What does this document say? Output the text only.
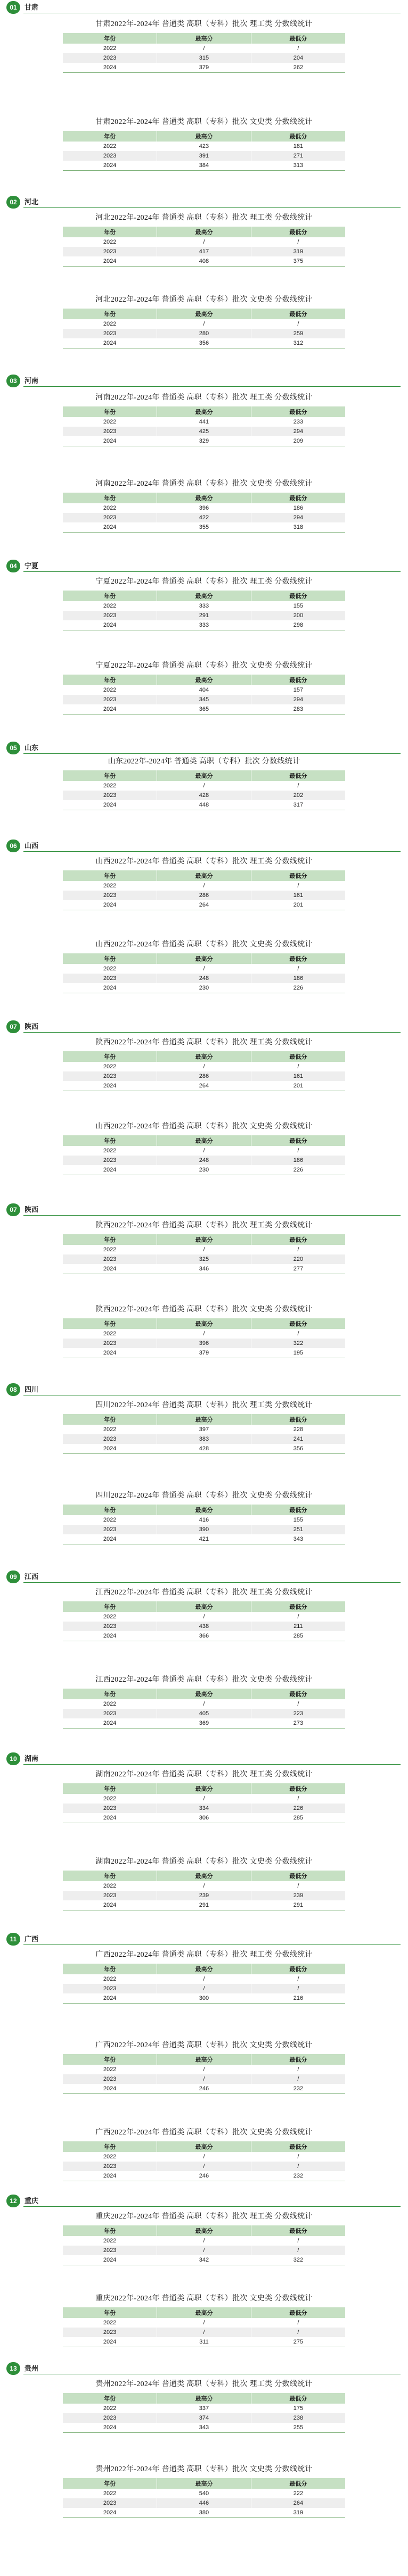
01	甘肃
甘肃2022年-2024年 普通类 高职（专科）批次 理工类 分数线统计
年份	最高分	最低分
2022	/	/
2023	315	204
2024	379	262
甘肃2022年-2024年 普通类 高职（专科）批次 文史类 分数线统计
年份	最高分	最低分
2022	423	181
2023	391	271
2024	384	313
02	河北
河北2022年-2024年 普通类 高职（专科）批次 理工类 分数线统计
年份	最高分	最低分
2022	/	/
2023	417	319
2024	408	375
河北2022年-2024年 普通类 高职（专科）批次 文史类 分数线统计
年份	最高分	最低分
2022	/	/
2023	280	259
2024	356	312
03	河南
河南2022年-2024年 普通类 高职（专科）批次 理工类 分数线统计
年份	最高分	最低分
2022	441	233
2023	425	294
2024	329	209
河南2022年-2024年 普通类 高职（专科）批次 文史类 分数线统计
年份	最高分	最低分
2022	396	186
2023	422	294
2024	355	318
04	宁夏
宁夏2022年-2024年 普通类 高职（专科）批次 理工类 分数线统计
年份	最高分	最低分
2022	333	155
2023	291	200
2024	333	298
宁夏2022年-2024年 普通类 高职（专科）批次 文史类 分数线统计
年份	最高分	最低分
2022	404	157
2023	345	294
2024	365	283
05	山东
山东2022年-2024年 普通类 高职（专科）批次 分数线统计
年份	最高分	最低分
2022	/	/
2023	428	202
2024	448	317
06	山西
山西2022年-2024年 普通类 高职（专科）批次 理工类 分数线统计
年份	最高分	最低分
2022	/	/
2023	286	161
2024	264	201
山西2022年-2024年 普通类 高职（专科）批次 文史类 分数线统计
年份	最高分	最低分
2022	/	/
2023	248	186
2024	230	226
07	陕西
陕西2022年-2024年 普通类 高职（专科）批次 理工类 分数线统计
年份	最高分	最低分
2022	/	/
2023	286	161
2024	264	201
山西2022年-2024年 普通类 高职（专科）批次 文史类 分数线统计
年份	最高分	最低分
2022	/	/
2023	248	186
2024	230	226
07	陕西
陕西2022年-2024年 普通类 高职（专科）批次 理工类 分数线统计
年份	最高分	最低分
2022	/	/
2023	325	220
2024	346	277
陕西2022年-2024年 普通类 高职（专科）批次 文史类 分数线统计
年份	最高分	最低分
2022	/	/
2023	396	322
2024	379	195
08	四川
四川2022年-2024年 普通类 高职（专科）批次 理工类 分数线统计
年份	最高分	最低分
2022	397	228
2023	383	241
2024	428	356
四川2022年-2024年 普通类 高职（专科）批次 文史类 分数线统计
年份	最高分	最低分
2022	416	155
2023	390	251
2024	421	343
09	江西
江西2022年-2024年 普通类 高职（专科）批次 理工类 分数线统计
年份	最高分	最低分
2022	/	/
2023	438	211
2024	366	285
江西2022年-2024年 普通类 高职（专科）批次 文史类 分数线统计
年份	最高分	最低分
2022	/	/
2023	405	223
2024	369	273
10	湖南
湖南2022年-2024年 普通类 高职（专科）批次 理工类 分数线统计
年份	最高分	最低分
2022	/	/
2023	334	226
2024	306	285
湖南2022年-2024年 普通类 高职（专科）批次 文史类 分数线统计
年份	最高分	最低分
2022	/	/
2023	239	239
2024	291	291
11	广西
广西2022年-2024年 普通类 高职（专科）批次 理工类 分数线统计
年份	最高分	最低分
2022	/	/
2023	/	/
2024	300	216
广西2022年-2024年 普通类 高职（专科）批次 文史类 分数线统计
年份	最高分	最低分
2022	/	/
2023	/	/
2024	246	232
广西2022年-2024年 普通类 高职（专科）批次 文史类 分数线统计
年份	最高分	最低分
2022	/	/
2023	/	/
2024	246	232
12	重庆
重庆2022年-2024年 普通类 高职（专科）批次 理工类 分数线统计
年份	最高分	最低分
2022	/	/
2023	/	/
2024	342	322
重庆2022年-2024年 普通类 高职（专科）批次 文史类 分数线统计
年份	最高分	最低分
2022	/	/
2023	/	/
2024	311	275
13	贵州
贵州2022年-2024年 普通类 高职（专科）批次 理工类 分数线统计
年份	最高分	最低分
2022	337	175
2023	374	238
2024	343	255
贵州2022年-2024年 普通类 高职（专科）批次 文史类 分数线统计
年份	最高分	最低分
2022	540	222
2023	446	264
2024	380	319
